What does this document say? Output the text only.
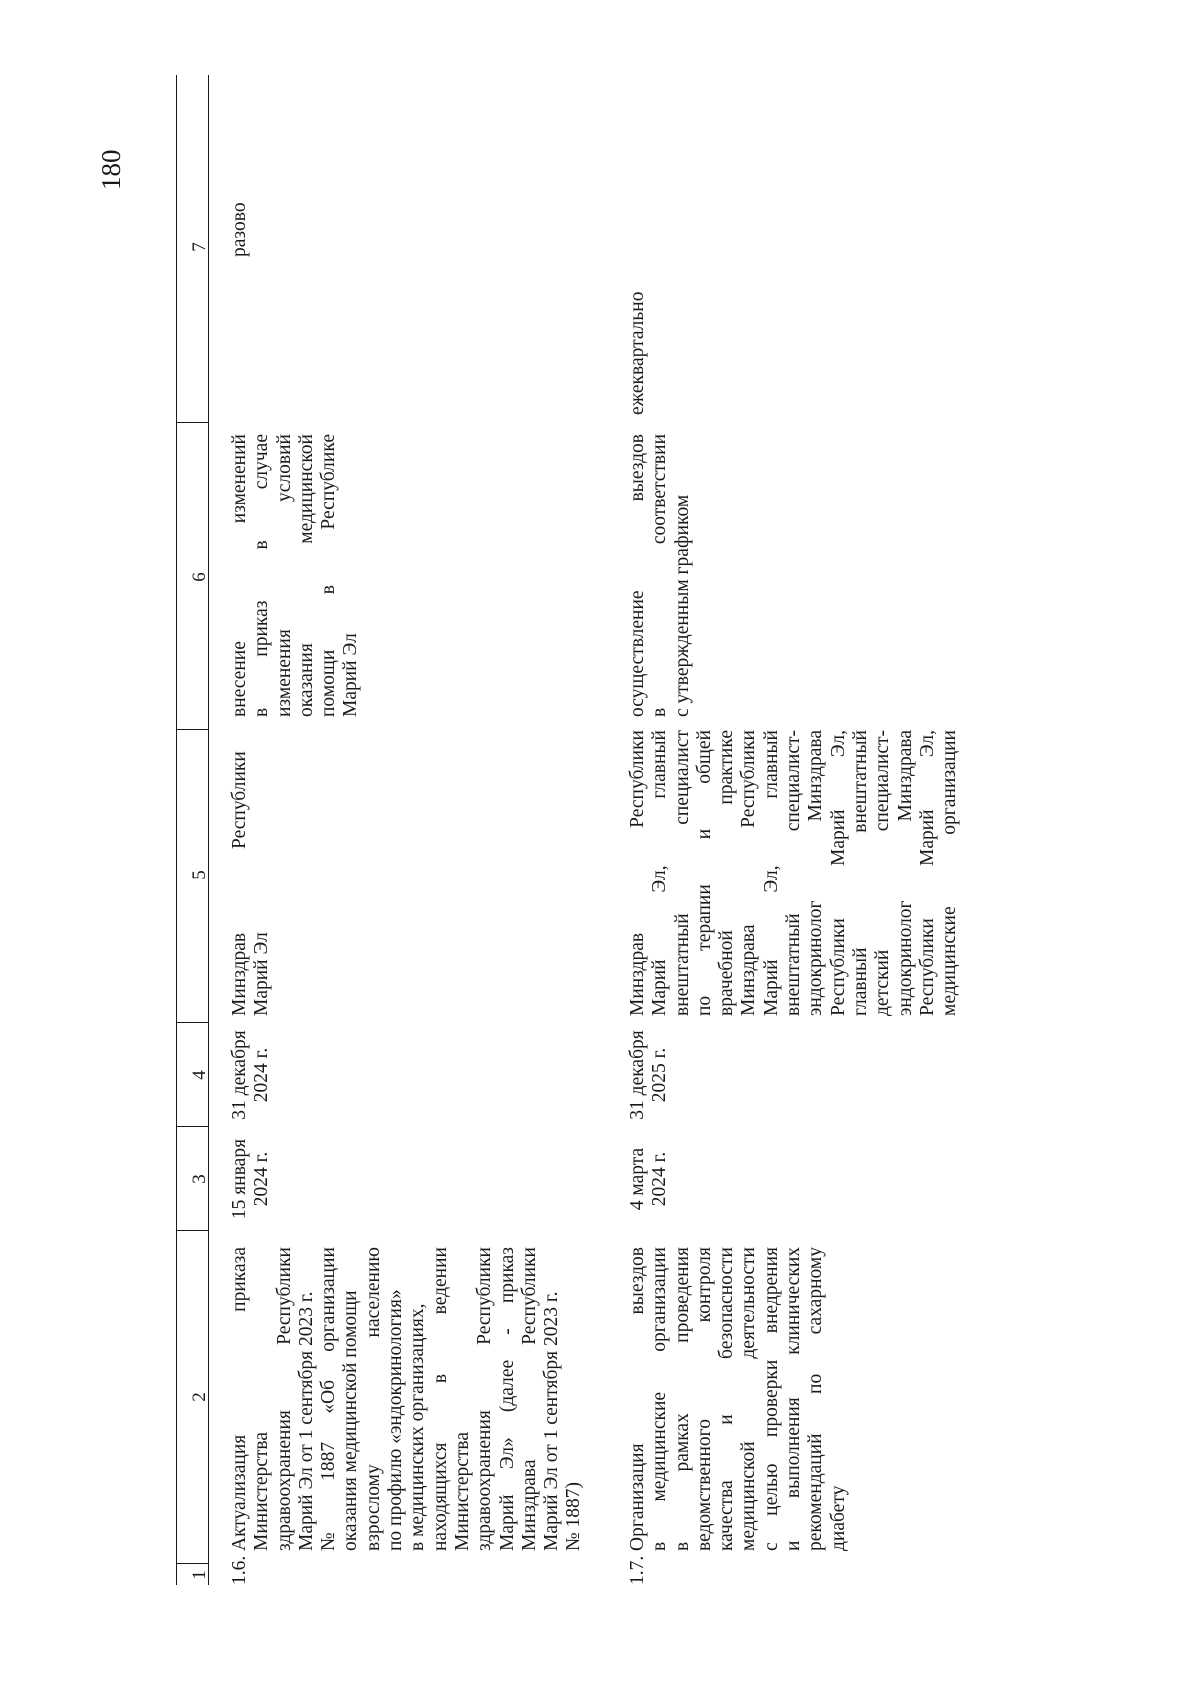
180
1
2
3
4
5
6
7
1.6.
Актуализация приказа Министерства здравоохранения Республики Марий Эл от 1 сентября 2023 г. № 1887 «Об организации оказания медицинской помощи взрослому населению по профилю «эндокринология» в медицинских организациях, находящихся в ведении Министерства здравоохранения Республики Марий Эл» (далее - приказ Минздрава Республики Марий Эл от 1 сентября 2023 г. № 1887)
15 января 2024 г.
31 декабря 2024 г.
Минздрав Марий Эл
Республики
внесение изменений в приказ в случае изменения условий оказания медицинской помощи в Республике Марий Эл
разово
1.7.
Организация выездов в медицинские организации в рамках проведения ведомственного контроля качества и безопасности медицинской деятельности с целью проверки внедрения и выполнения клинических рекомендаций по сахарному диабету
4 марта 2024 г.
31 декабря 2025 г.
Минздрав Республики Марий Эл, главный внештатный специалист по терапии и общей врачебной практике Минздрава Республики Марий Эл, главный внештатный специалист- эндокринолог Минздрава Республики Марий Эл, главный внештатный детский специалист- эндокринолог Минздрава Республики Марий Эл, медицинские организации
осуществление выездов в соответствии с утвержденным графиком
ежеквартально
